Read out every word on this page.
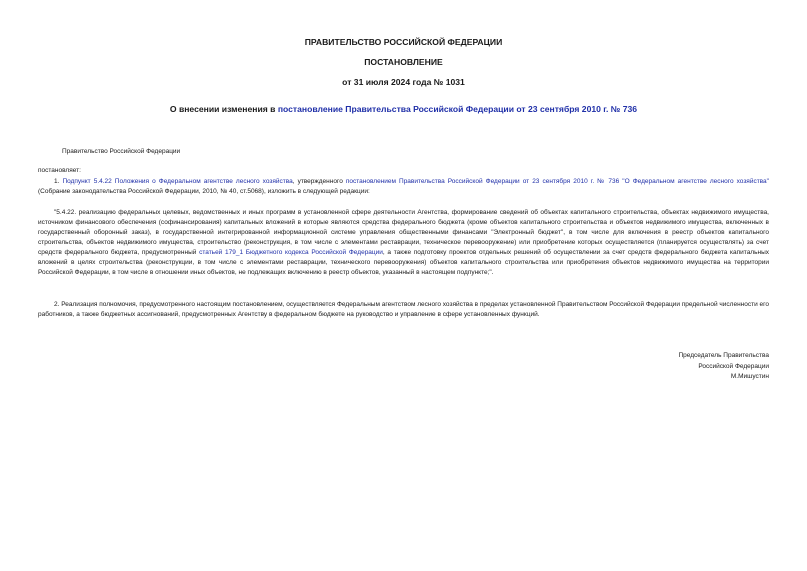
ПРАВИТЕЛЬСТВО РОССИЙСКОЙ ФЕДЕРАЦИИ
ПОСТАНОВЛЕНИЕ
от 31 июля 2024 года № 1031
О внесении изменения в постановление Правительства Российской Федерации от 23 сентября 2010 г. № 736
Правительство Российской Федерации
постановляет:
1. Подпункт 5.4.22 Положения о Федеральном агентстве лесного хозяйства, утвержденного постановлением Правительства Российской Федерации от 23 сентября 2010 г. № 736 "О Федеральном агентстве лесного хозяйства" (Собрание законодательства Российской Федерации, 2010, № 40, ст.5068), изложить в следующей редакции:
"5.4.22. реализацию федеральных целевых, ведомственных и иных программ в установленной сфере деятельности Агентства, формирование сведений об объектах капитального строительства, объектах недвижимого имущества, источником финансового обеспечения (софинансирования) капитальных вложений в которые являются средства федерального бюджета (кроме объектов капитального строительства и объектов недвижимого имущества, включенных в государственный оборонный заказ), в государственной интегрированной информационной системе управления общественными финансами "Электронный бюджет", в том числе для включения в реестр объектов капитального строительства, объектов недвижимого имущества, строительство (реконструкция, в том числе с элементами реставрации, техническое перевооружение) или приобретение которых осуществляется (планируется осуществлять) за счет средств федерального бюджета, предусмотренный статьей 179_1 Бюджетного кодекса Российской Федерации, а также подготовку проектов отдельных решений об осуществлении за счет средств федерального бюджета капитальных вложений в целях строительства (реконструкции, в том числе с элементами реставрации, технического перевооружения) объектов капитального строительства или приобретения объектов недвижимого имущества на территории Российской Федерации, в том числе в отношении иных объектов, не подлежащих включению в реестр объектов, указанный в настоящем подпункте;".
2. Реализация полномочия, предусмотренного настоящим постановлением, осуществляется Федеральным агентством лесного хозяйства в пределах установленной Правительством Российской Федерации предельной численности его работников, а также бюджетных ассигнований, предусмотренных Агентству в федеральном бюджете на руководство и управление в сфере установленных функций.
Председатель Правительства
Российской Федерации
М.Мишустин
